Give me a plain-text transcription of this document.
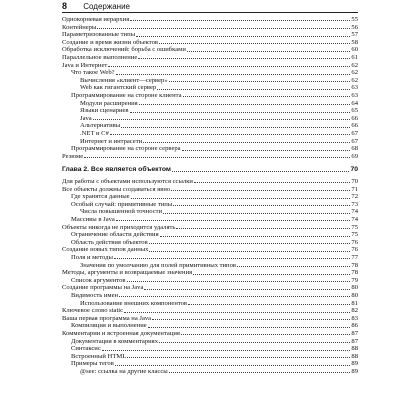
8 Содержание
Однокорневая иерархия	55
Контейнеры	56
Параметризованные типы	57
Создание и время жизни объектов	58
Обработка исключений: борьба с ошибками	60
Параллельное выполнение	61
Java и Интернет	62
Что такое Web?	62
Вычисления «клиент—сервер»	62
Web как гигантский сервер	63
Программирование на стороне клиента	63
Модули расширения	64
Языки сценариев	65
Java	66
Альтернативы	66
.NET и C#	67
Интернет и интрасети	67
Программирование на стороне сервера	68
Резюме	69
Глава 2. Все является объектом	70
Для работы с объектами используются ссылки	70
Все объекты должны создаваться явно	71
Где хранятся данные	72
Особый случай: примитивные типы	73
Числа повышенной точности	74
Массивы в Java	74
Объекты никогда не приходится удалять	75
Ограничение области действия	75
Область действия объектов	76
Создание новых типов данных	76
Поля и методы	77
Значения по умолчанию для полей примитивных типов	78
Методы, аргументы и возвращаемые значения	78
Список аргументов	79
Создание программы на Java	80
Видимость имен	80
Использование внешних компонентов	81
Ключевое слово static	82
Ваша первая программа на Java	83
Компиляция и выполнение	86
Комментарии и встроенная документация	87
Документация в комментариях	87
Синтаксис	88
Встроенный HTML	88
Примеры тегов	89
@see: ссылка на другие классы	89
